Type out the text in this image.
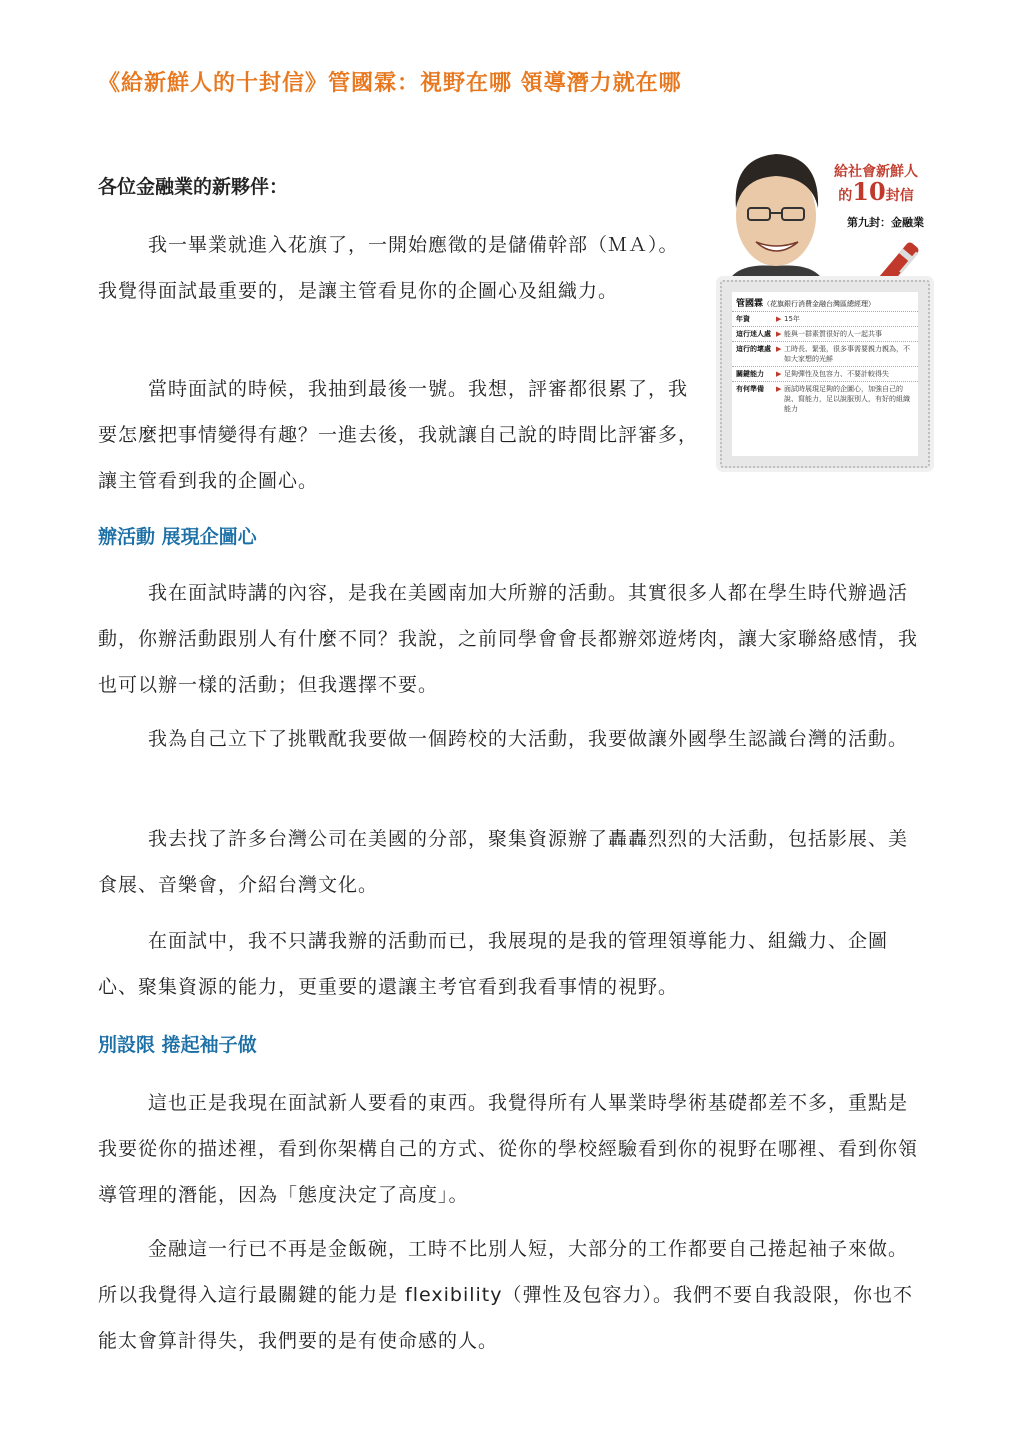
《給新鮮人的十封信》管國霖：視野在哪 領導潛力就在哪
各位金融業的新夥伴：

我一畢業就進入花旗了，一開始應徵的是儲備幹部（ＭＡ）。我覺得面試最重要的，是讓主管看見你的企圖心及組織力。

當時面試的時候，我抽到最後一號。我想，評審都很累了，我要怎麼把事情變得有趣？一進去後，我就讓自己說的時間比評審多，讓主管看到我的企圖心。

辦活動 展現企圖心

我在面試時講的內容，是我在美國南加大所辦的活動。其實很多人都在學生時代辦過活動，你辦活動跟別人有什麼不同？我說，之前同學會會長都辦郊遊烤肉，讓大家聯絡感情，我也可以辦一樣的活動；但我選擇不要。

我為自己立下了挑戰酖我要做一個跨校的大活動，我要做讓外國學生認識台灣的活動。

我去找了許多台灣公司在美國的分部，聚集資源辦了轟轟烈烈的大活動，包括影展、美食展、音樂會，介紹台灣文化。

在面試中，我不只講我辦的活動而已，我展現的是我的管理領導能力、組織力、企圖心、聚集資源的能力，更重要的還讓主考官看到我看事情的視野。

別設限 捲起袖子做

這也正是我現在面試新人要看的東西。我覺得所有人畢業時學術基礎都差不多，重點是我要從你的描述裡，看到你架構自己的方式、從你的學校經驗看到你的視野在哪裡、看到你領導管理的潛能，因為「態度決定了高度」。

金融這一行已不再是金飯碗，工時不比別人短，大部分的工作都要自己捲起袖子來做。所以我覺得入這行最關鍵的能力是 flexibility（彈性及包容力）。我們不要自我設限，你也不能太會算計得失，我們要的是有使命感的人。

給社會新鮮人
的10封信
第九封：金融業
管國霖（花旗銀行消費金融台灣區總經理）
年資	▶ 15年
這行迷人處 ▶ 能與一群素質很好的人一起共事
這行的壞處 ▶ 工時長、緊張，很多事需要親力親為，不如大家想的光鮮
關鍵能力	▶ 足夠彈性及包容力、不要計較得失
有何準備	▶ 面試時展現足夠的企圖心，加強自己的說、寫能力，足以說服別人，有好的組織能力
